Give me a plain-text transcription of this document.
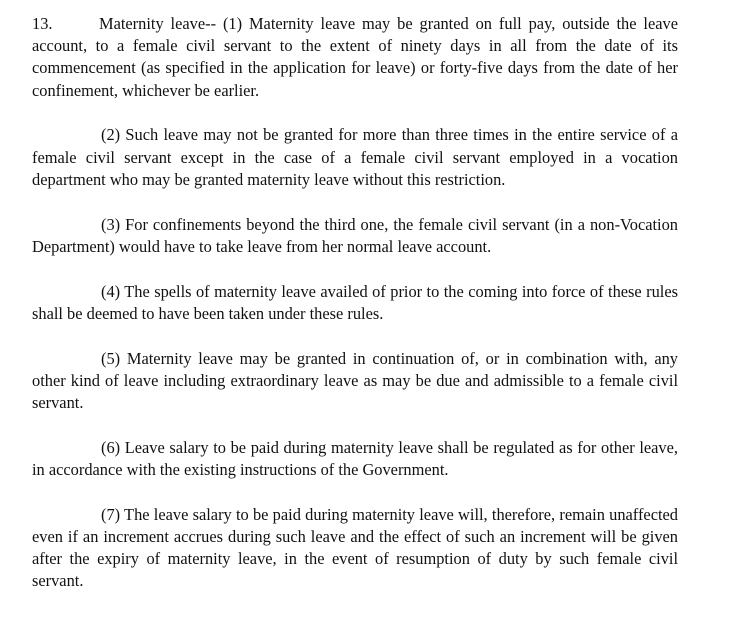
13.	Maternity leave-- (1) Maternity leave may be granted on full pay, outside the leave account, to a female civil servant to the extent of ninety days in all from the date of its commencement (as specified in the application for leave) or forty-five days from the date of her confinement, whichever be earlier.

(2) Such leave may not be granted for more than three times in the entire service of a female civil servant except in the case of a female civil servant employed in a vocation department who may be granted maternity leave without this restriction.

(3) For confinements beyond the third one, the female civil servant (in a non-Vocation Department) would have to take leave from her normal leave account.

(4) The spells of maternity leave availed of prior to the coming into force of these rules shall be deemed to have been taken under these rules.

(5) Maternity leave may be granted in continuation of, or in combination with, any other kind of leave including extraordinary leave as may be due and admissible to a female civil servant.

(6) Leave salary to be paid during maternity leave shall be regulated as for other leave, in accordance with the existing instructions of the Government.

(7) The leave salary to be paid during maternity leave will, therefore, remain unaffected even if an increment accrues during such leave and the effect of such an increment will be given after the expiry of maternity leave, in the event of resumption of duty by such female civil servant.
